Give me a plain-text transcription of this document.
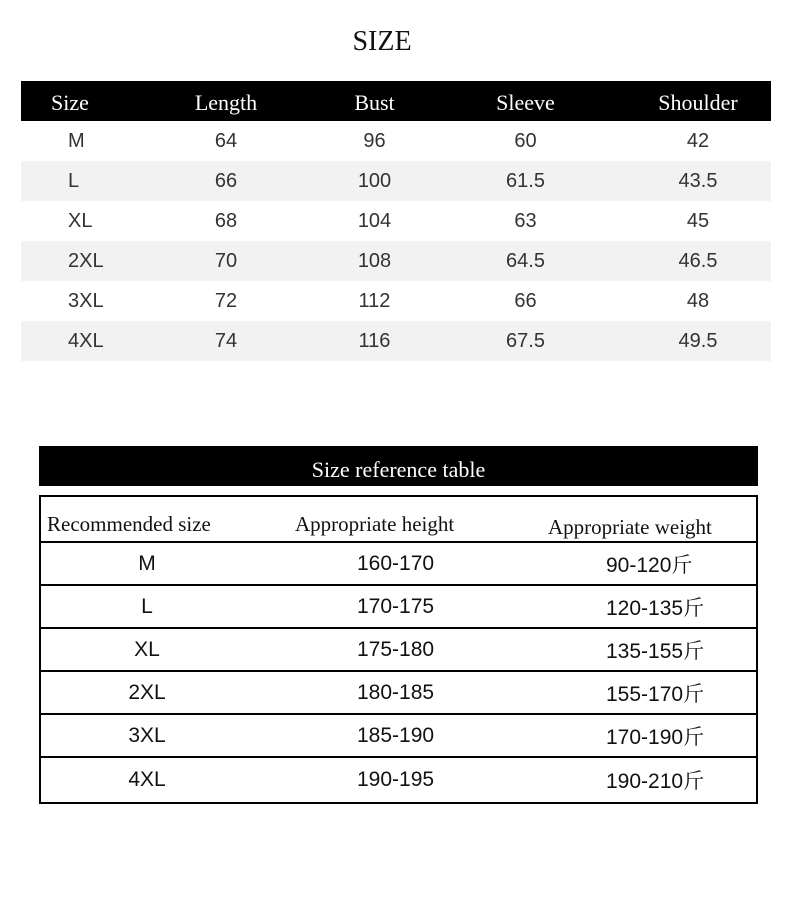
SIZE
Size	Length	Bust	Sleeve	Shoulder
M	64	96	60	42
L	66	100	61.5	43.5
XL	68	104	63	45
2XL	70	108	64.5	46.5
3XL	72	112	66	48
4XL	74	116	67.5	49.5
Size reference table
Recommended size	Appropriate height	Appropriate weight
M	160-170	90-120斤
L	170-175	120-135斤
XL	175-180	135-155斤
2XL	180-185	155-170斤
3XL	185-190	170-190斤
4XL	190-195	190-210斤
